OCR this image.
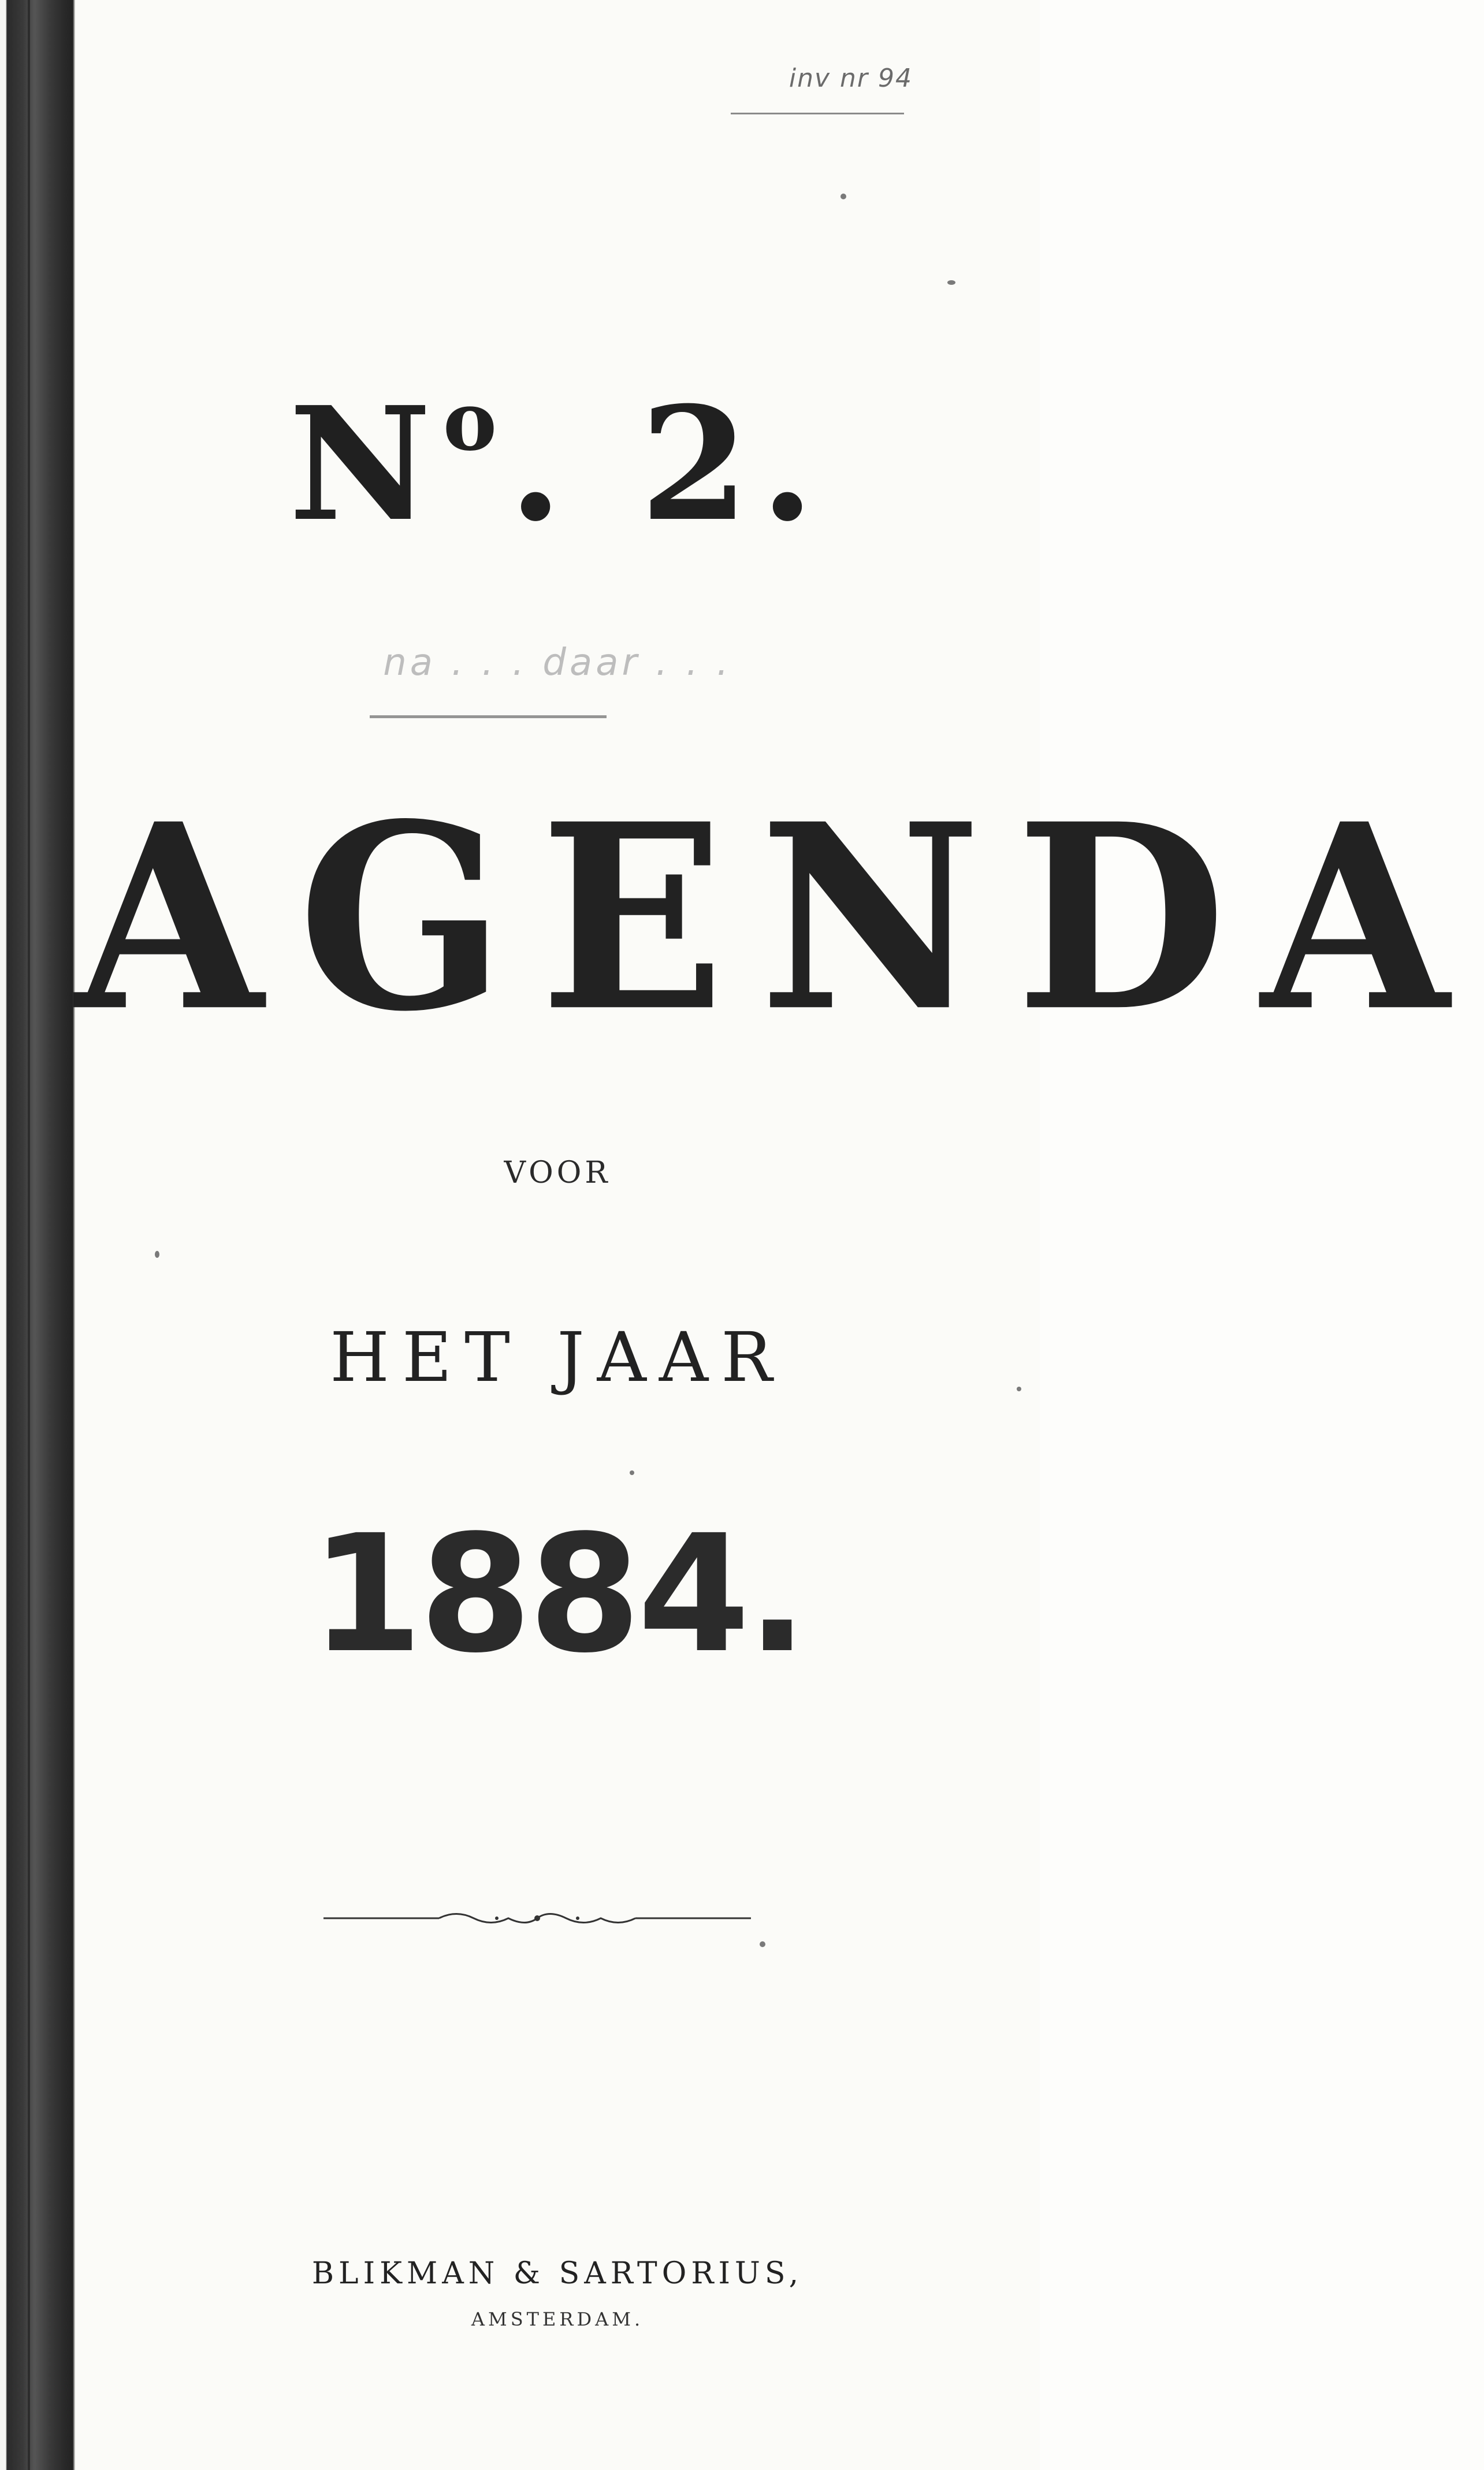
inv nr 94
$N^o$. 2.
na . . . daar . . .
AGENDA
VOOR
HET JAAR
1884.
BLIKMAN & SARTORIUS,
AMSTERDAM.
